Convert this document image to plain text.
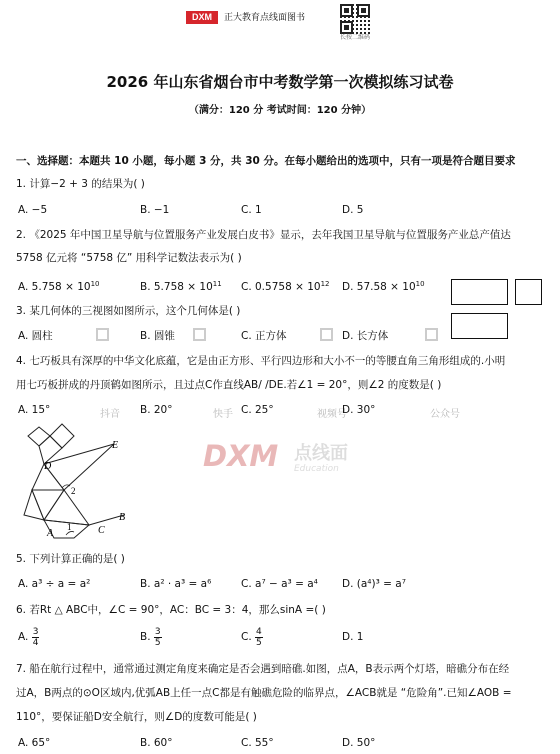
DXM	正大教育点线面图书
长按二维码
2026 年山东省烟台市中考数学第一次模拟练习试卷
（满分：120 分 考试时间：120 分钟）
一、选择题：本题共 10 小题，每小题 3 分，共 30 分。在每小题给出的选项中，只有一项是符合题目要求
1. 计算−2 + 3 的结果为( )
A. −5	B. −1	C. 1	D. 5
2. 《2025 年中国卫星导航与位置服务产业发展白皮书》显示，去年我国卫星导航与位置服务产业总产值达
5758 亿元将 “5758 亿” 用科学记数法表示为( )
A. $5.758 \times 10^{10}$	B. $5.758 \times 10^{11}$ C. $0.5758 \times 10^{12}$ D. $57.58 \times 10^{10}$
3. 某几何体的三视图如图所示，这个几何体是( )
A. 圆柱	B. 圆锥	C. 正方体	D. 长方体
抖音	快手	视频号	公众号
DXM 点线面
Education
4. 七巧板具有深厚的中华文化底蕴，它是由正方形、平行四边形和大小不一的等腰直角三角形组成的.小明
用七巧板拼成的丹顶鹤如图所示，且过点C作直线AB/ /DE.若∠1 = 20°，则∠2 的度数是( )
A. 15°	B. 20°	C. 25°	D. 30°
E
D
2
1
A	C
B
5. 下列计算正确的是( )
A. a³ ÷ a = a²	B. a² · a³ = a⁶	C. a⁷ − a³ = a⁴ D. (a⁴)³ = a⁷
6. 若Rt △ ABC中，∠C = 90°，AC：BC = 3：4，那么sinA =( )
A. $\frac{3}{4}$	B. $\frac{3}{5}$	C. $\frac{4}{5}$	D. 1
7. 船在航行过程中，通常通过测定角度来确定是否会遇到暗礁.如图，点A，B表示两个灯塔，暗礁分布在经
过A，B两点的⊙O区域内,优弧AB上任一点C都是有触礁危险的临界点，∠ACB就是 “危险角”.已知∠AOB =
110°，要保证船D安全航行，则∠D的度数可能是( )
A. 65°	B. 60°	C. 55°	D. 50°
